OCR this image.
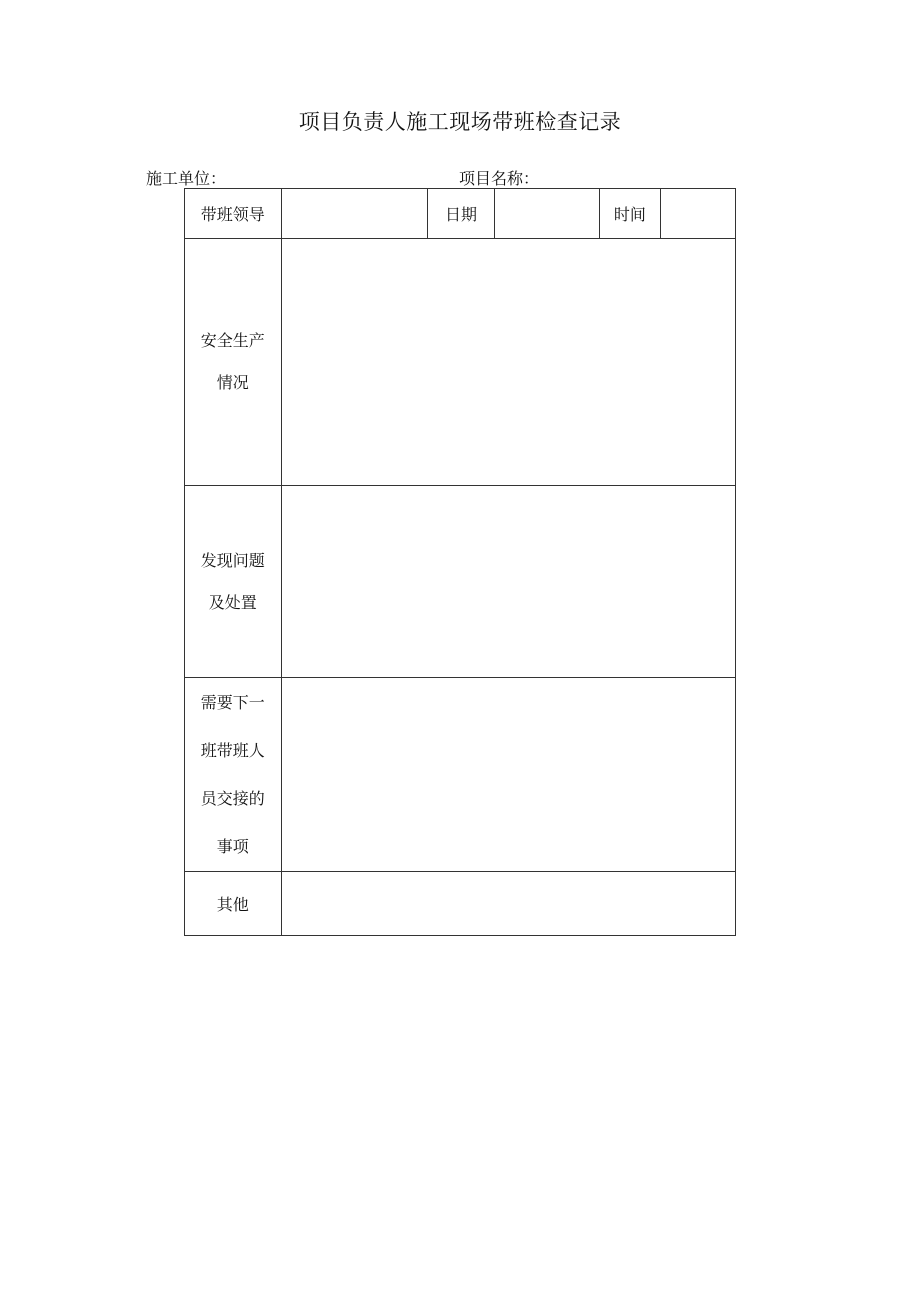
项目负责人施工现场带班检查记录
施工单位：	项目名称：
带班领导		日期		时间	

安全生产
情况					

发现问题
及处置					

需要下一
班带班人
员交接的
事项					

其他					
